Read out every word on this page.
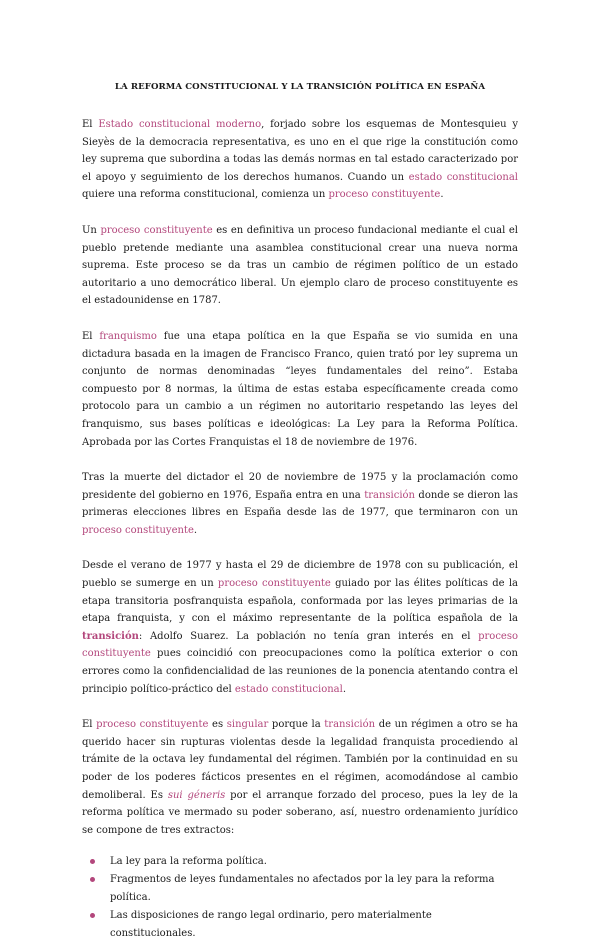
LA REFORMA CONSTITUCIONAL Y LA TRANSICIÓN POLÍTICA EN ESPAÑA

El Estado constitucional moderno, forjado sobre los esquemas de Montesquieu y Sieyès de la democracia representativa, es uno en el que rige la constitución como ley suprema que subordina a todas las demás normas en tal estado caracterizado por el apoyo y seguimiento de los derechos humanos. Cuando un estado constitucional quiere una reforma constitucional, comienza un proceso constituyente.

Un proceso constituyente es en definitiva un proceso fundacional mediante el cual el pueblo pretende mediante una asamblea constitucional crear una nueva norma suprema. Este proceso se da tras un cambio de régimen político de un estado autoritario a uno democrático liberal. Un ejemplo claro de proceso constituyente es el estadounidense en 1787.

El franquismo fue una etapa política en la que España se vio sumida en una dictadura basada en la imagen de Francisco Franco, quien trató por ley suprema un conjunto de normas denominadas “leyes fundamentales del reino”. Estaba compuesto por 8 normas, la última de estas estaba específicamente creada como protocolo para un cambio a un régimen no autoritario respetando las leyes del franquismo, sus bases políticas e ideológicas: La Ley para la Reforma Política. Aprobada por las Cortes Franquistas el 18 de noviembre de 1976.

Tras la muerte del dictador el 20 de noviembre de 1975 y la proclamación como presidente del gobierno en 1976, España entra en una transición donde se dieron las primeras elecciones libres en España desde las de 1977, que terminaron con un proceso constituyente.

Desde el verano de 1977 y hasta el 29 de diciembre de 1978 con su publicación, el pueblo se sumerge en un proceso constituyente guiado por las élites políticas de la etapa transitoria posfranquista española, conformada por las leyes primarias de la etapa franquista, y con el máximo representante de la política española de la transición: Adolfo Suarez. La población no tenía gran interés en el proceso constituyente pues coincidió con preocupaciones como la política exterior o con errores como la confidencialidad de las reuniones de la ponencia atentando contra el principio político-práctico del estado constitucional.

El proceso constituyente es singular porque la transición de un régimen a otro se ha querido hacer sin rupturas violentas desde la legalidad franquista procediendo al trámite de la octava ley fundamental del régimen. También por la continuidad en su poder de los poderes fácticos presentes en el régimen, acomodándose al cambio demoliberal. Es sui géneris por el arranque forzado del proceso, pues la ley de la reforma política ve mermado su poder soberano, así, nuestro ordenamiento jurídico se compone de tres extractos:

La ley para la reforma política.
Fragmentos de leyes fundamentales no afectados por la ley para la reforma política.
Las disposiciones de rango legal ordinario, pero materialmente constitucionales.
